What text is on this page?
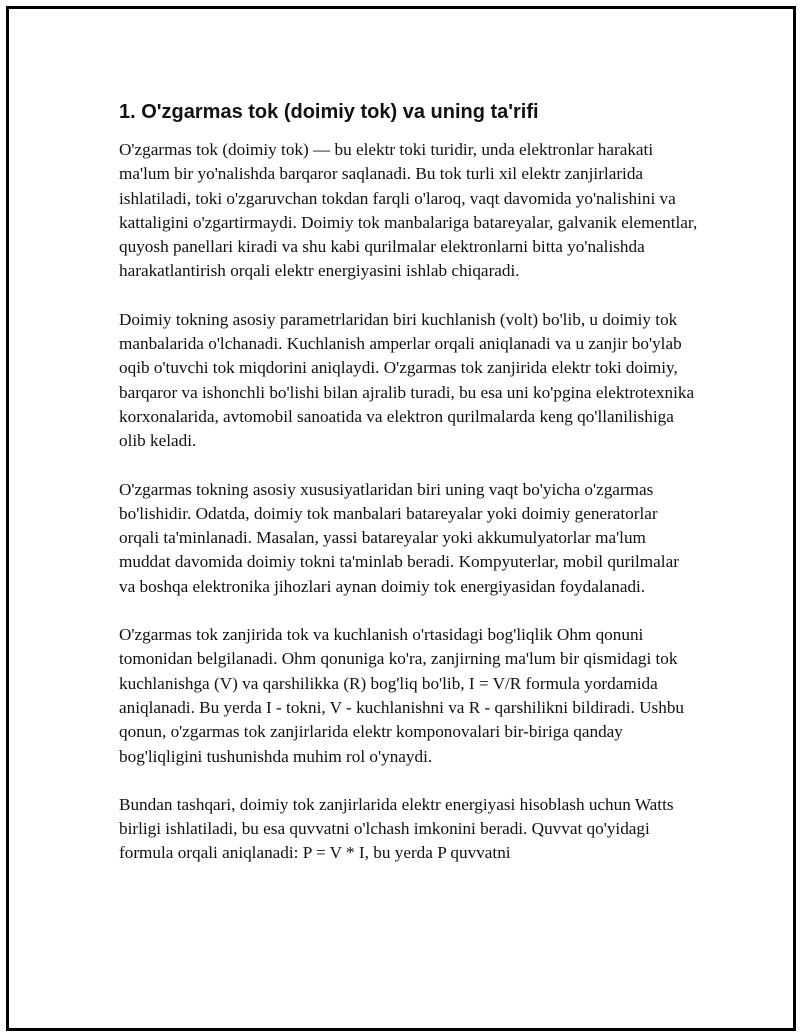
1. O'zgarmas tok (doimiy tok) va uning ta'rifi

O'zgarmas tok (doimiy tok) — bu elektr toki turidir, unda elektronlar harakati ma'lum bir yo'nalishda barqaror saqlanadi. Bu tok turli xil elektr zanjirlarida ishlatiladi, toki o'zgaruvchan tokdan farqli o'laroq, vaqt davomida yo'nalishini va kattaligini o'zgartirmaydi. Doimiy tok manbalariga batareyalar, galvanik elementlar, quyosh panellari kiradi va shu kabi qurilmalar elektronlarni bitta yo'nalishda harakatlantirish orqali elektr energiyasini ishlab chiqaradi.

Doimiy tokning asosiy parametrlaridan biri kuchlanish (volt) bo'lib, u doimiy tok manbalarida o'lchanadi. Kuchlanish amperlar orqali aniqlanadi va u zanjir bo'ylab oqib o'tuvchi tok miqdorini aniqlaydi. O'zgarmas tok zanjirida elektr toki doimiy, barqaror va ishonchli bo'lishi bilan ajralib turadi, bu esa uni ko'pgina elektrotexnika korxonalarida, avtomobil sanoatida va elektron qurilmalarda keng qo'llanilishiga olib keladi.

O'zgarmas tokning asosiy xususiyatlaridan biri uning vaqt bo'yicha o'zgarmas bo'lishidir. Odatda, doimiy tok manbalari batareyalar yoki doimiy generatorlar orqali ta'minlanadi. Masalan, yassi batareyalar yoki akkumulyatorlar ma'lum muddat davomida doimiy tokni ta'minlab beradi. Kompyuterlar, mobil qurilmalar va boshqa elektronika jihozlari aynan doimiy tok energiyasidan foydalanadi.

O'zgarmas tok zanjirida tok va kuchlanish o'rtasidagi bog'liqlik Ohm qonuni tomonidan belgilanadi. Ohm qonuniga ko'ra, zanjirning ma'lum bir qismidagi tok kuchlanishga (V) va qarshilikka (R) bog'liq bo'lib, I = V/R formula yordamida aniqlanadi. Bu yerda I - tokni, V - kuchlanishni va R - qarshilikni bildiradi. Ushbu qonun, o'zgarmas tok zanjirlarida elektr komponovalari bir-biriga qanday bog'liqligini tushunishda muhim rol o'ynaydi.

Bundan tashqari, doimiy tok zanjirlarida elektr energiyasi hisoblash uchun Watts birligi ishlatiladi, bu esa quvvatni o'lchash imkonini beradi. Quvvat qo'yidagi formula orqali aniqlanadi: P = V * I, bu yerda P quvvatni
